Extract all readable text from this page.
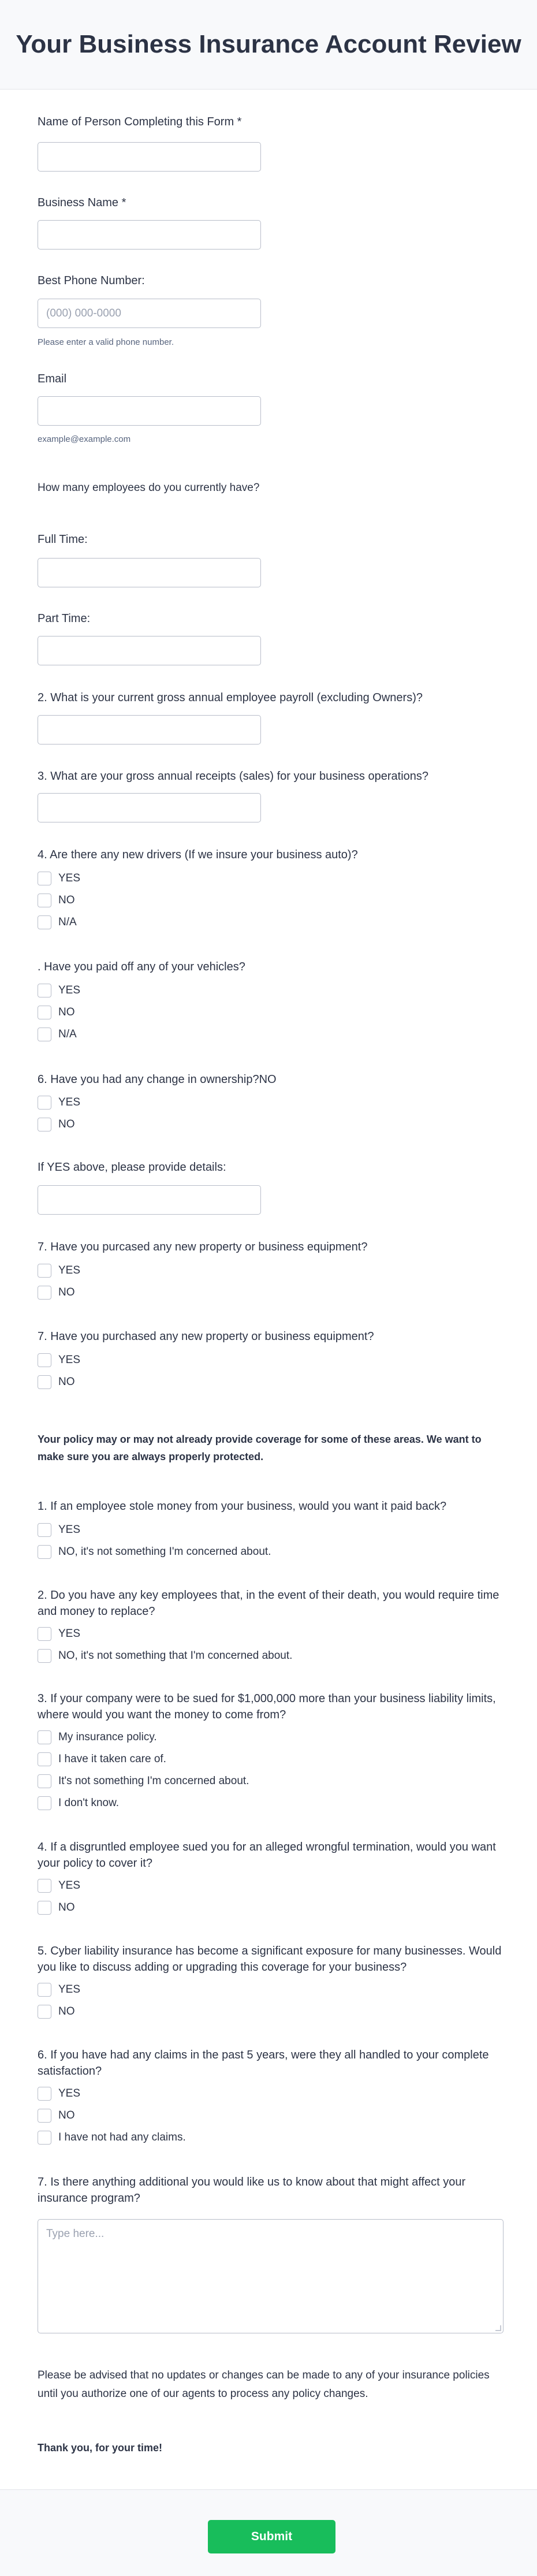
Your Business Insurance Account Review
Name of Person Completing this Form *
Business Name *
Best Phone Number:
(000) 000-0000
Please enter a valid phone number.
Email
example@example.com
How many employees do you currently have?
Full Time:
Part Time:
2. What is your current gross annual employee payroll (excluding Owners)?
3. What are your gross annual receipts (sales) for your business operations?
4. Are there any new drivers (If we insure your business auto)?
YES
NO
N/A
. Have you paid off any of your vehicles?
YES
NO
N/A
6. Have you had any change in ownership?NO
YES
NO
If YES above, please provide details:
7. Have you purcased any new property or business equipment?
YES
NO
7. Have you purchased any new property or business equipment?
YES
NO
Your policy may or may not already provide coverage for some of these areas. We want to make sure you are always properly protected.
1. If an employee stole money from your business, would you want it paid back?
YES
NO, it's not something I'm concerned about.
2. Do you have any key employees that, in the event of their death, you would require time and money to replace?
YES
NO, it's not something that I'm concerned about.
3. If your company were to be sued for $1,000,000 more than your business liability limits, where would you want the money to come from?
My insurance policy.
I have it taken care of.
It's not something I'm concerned about.
I don't know.
4. If a disgruntled employee sued you for an alleged wrongful termination, would you want your policy to cover it?
YES
NO
5. Cyber liability insurance has become a significant exposure for many businesses. Would you like to discuss adding or upgrading this coverage for your business?
YES
NO
6. If you have had any claims in the past 5 years, were they all handled to your complete satisfaction?
YES
NO
I have not had any claims.
7. Is there anything additional you would like us to know about that might affect your insurance program?
Type here...
Please be advised that no updates or changes can be made to any of your insurance policies until you authorize one of our agents to process any policy changes.
Thank you, for your time!
Submit
